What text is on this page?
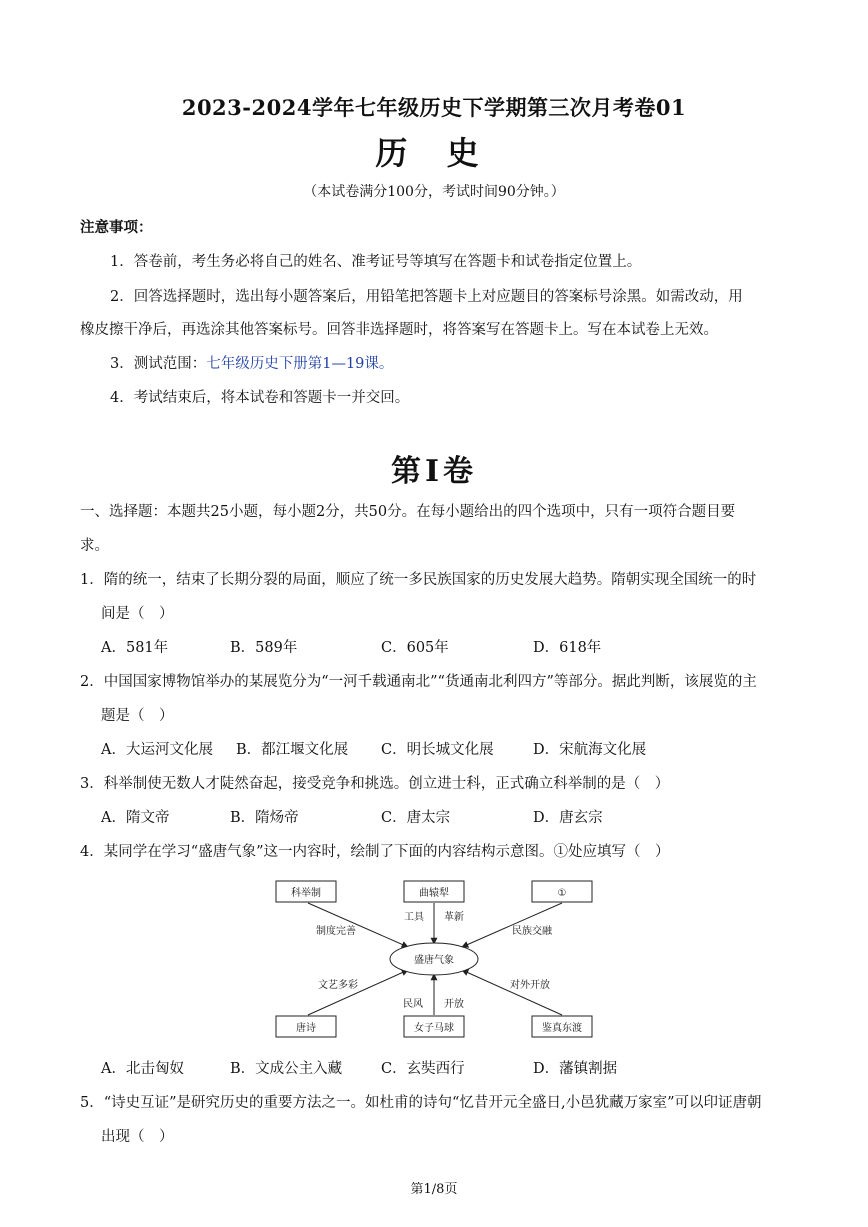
2023-2024学年七年级历史下学期第三次月考卷01
历 史
（本试卷满分100分，考试时间90分钟。）
注意事项：
1．答卷前，考生务必将自己的姓名、准考证号等填写在答题卡和试卷指定位置上。
2．回答选择题时，选出每小题答案后，用铅笔把答题卡上对应题目的答案标号涂黑。如需改动，用
橡皮擦干净后，再选涂其他答案标号。回答非选择题时，将答案写在答题卡上。写在本试卷上无效。
3．测试范围：七年级历史下册第1—19课。
4．考试结束后，将本试卷和答题卡一并交回。
第Ⅰ卷
一、选择题：本题共25小题，每小题2分，共50分。在每小题给出的四个选项中，只有一项符合题目要
求。
1．隋的统一，结束了长期分裂的局面，顺应了统一多民族国家的历史发展大趋势。隋朝实现全国统一的时
间是（　）
A．581年	B．589年	C．605年	D．618年
2．中国国家博物馆举办的某展览分为“一河千载通南北”“货通南北利四方”等部分。据此判断，该展览的主
题是（　）
A．大运河文化展 B．都江堰文化展 C．明长城文化展	D．宋航海文化展
3．科举制使无数人才陡然奋起，接受竞争和挑选。创立进士科，正式确立科举制的是（　）
A．隋文帝	B．隋炀帝	C．唐太宗	D．唐玄宗
4．某同学在学习“盛唐气象”这一内容时，绘制了下面的内容结构示意图。①处应填写（　）
科举制	曲辕犁	①
唐诗	女子马球	鉴真东渡
盛唐气象
制度完善
工具 革新
民族交融
文艺多彩
民风 开放
对外开放
A．北击匈奴	B．文成公主入藏	C．玄奘西行	D．藩镇割据
5．“诗史互证”是研究历史的重要方法之一。如杜甫的诗句“忆昔开元全盛日,小邑犹藏万家室”可以印证唐朝
出现（　）
第1/8页
